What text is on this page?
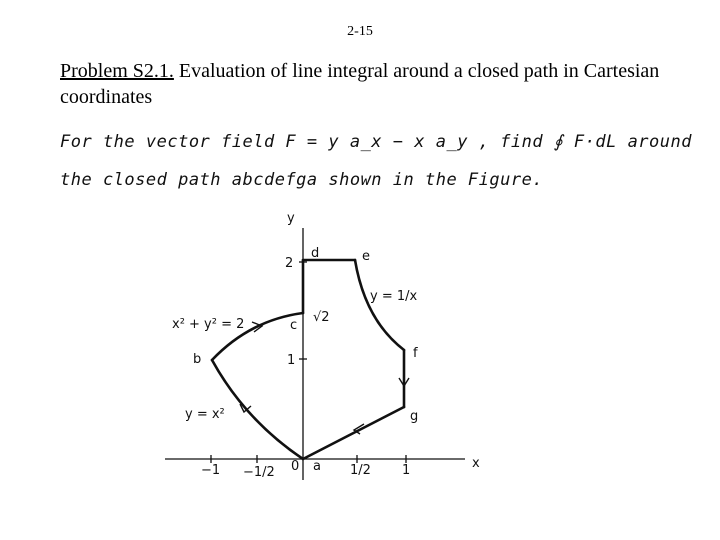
2-15
Problem S2.1. Evaluation of line integral around a closed path in Cartesian coordinates
For the vector field F = y a_x − x a_y , find ∮ F·dL around
the closed path abcdefga shown in the Figure.
x
y
−1 −1/2 0	1/2 1
1
2
a
b
c
d	e
f
g
x² + y² = 2
y = x²
y = 1/x
√2
